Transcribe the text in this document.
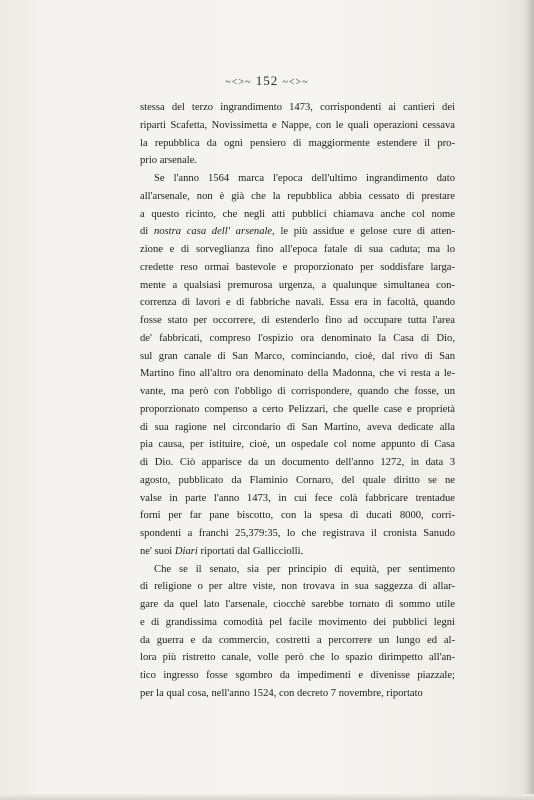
~<>~ 152 ~<>~

stessa del terzo ingrandimento 1473, corrispondenti ai cantieri dei
riparti Scafetta, Novissimetta e Nappe, con le quali operazioni cessava
la repubblica da ogni pensiero di maggiormente estendere il pro-
prio arsenale.

Se l'anno 1564 marca l'epoca dell'ultimo ingrandimento dato
all'arsenale, non è già che la repubblica abbia cessato di prestare
a questo ricinto, che negli atti pubblici chiamava anche col nome
di nostra casa dell' arsenale, le più assidue e gelose cure di atten-
zione e di sorveglianza fino all'epoca fatale di sua caduta; ma lo
credette reso ormai bastevole e proporzionato per soddisfare larga-
mente a qualsiasi premurosa urgenza, a qualunque simultanea con-
correnza di lavori e di fabbriche navali. Essa era in facoltà, quando
fosse stato per occorrere, di estenderlo fino ad occupare tutta l'area
de' fabbricati, compreso l'ospizio ora denominato la Casa di Dio,
sul gran canale di San Marco, cominciando, cioè, dal rivo di San
Martino fino all'altro ora denominato della Madonna, che vi resta a le-
vante, ma però con l'obbligo di corrispondere, quando che fosse, un
proporzionato compenso a certo Pelizzari, che quelle case e proprietà
di sua ragione nel circondario di San Martino, aveva dedicate alla
pia causa, per istituire, cioè, un ospedale col nome appunto di Casa
di Dio. Ciò apparisce da un documento dell'anno 1272, in data 3
agosto, pubblicato da Flaminio Cornaro, del quale diritto se ne
valse in parte l'anno 1473, in cui fece colà fabbricare trentadue
forni per far pane biscotto, con la spesa di ducati 8000, corri-
spondenti a franchi 25,379:35, lo che registrava il cronista Sanudo
ne' suoi Diari riportati dal Gallicciolli.

Che se il senato, sia per principio di equità, per sentimento
di religione o per altre viste, non trovava in sua saggezza di allar-
gare da quel lato l'arsenale, ciocchè sarebbe tornato di sommo utile
e di grandissima comodità pel facile movimento dei pubblici legni
da guerra e da commercio, costretti a percorrere un lungo ed al-
lora più ristretto canale, volle però che lo spazio dirimpetto all'an-
tico ingresso fosse sgombro da impedimenti e divenisse piazzale;
per la qual cosa, nell'anno 1524, con decreto 7 novembre, riportato
